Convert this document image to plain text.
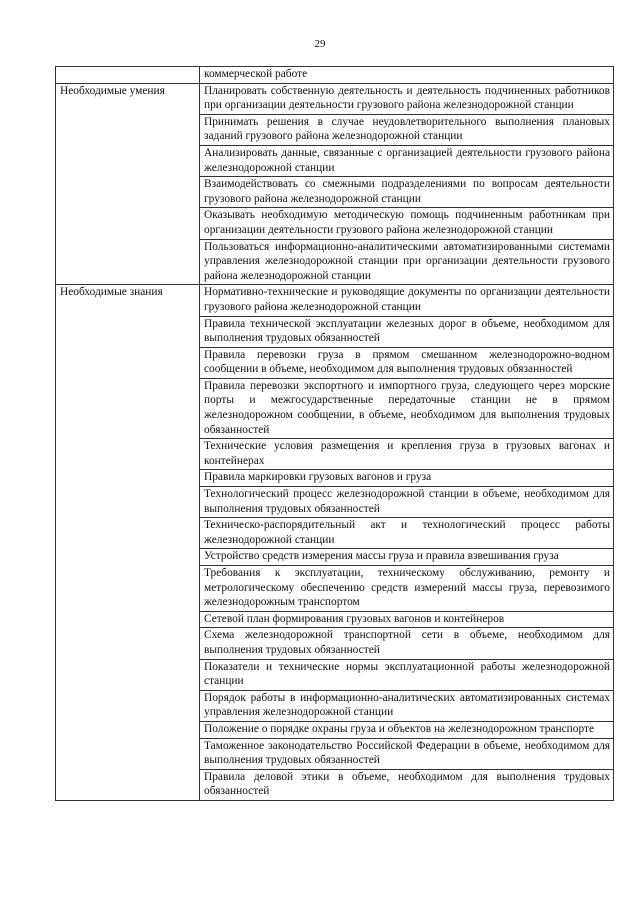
29
	коммерческой работе
Необходимые умения	Планировать собственную деятельность и деятельность подчиненных работников при организации деятельности грузового района железнодорожной станции
	Принимать решения в случае неудовлетворительного выполнения плановых заданий грузового района железнодорожной станции
	Анализировать данные, связанные с организацией деятельности грузового района железнодорожной станции
	Взаимодействовать со смежными подразделениями по вопросам деятельности грузового района железнодорожной станции
	Оказывать необходимую методическую помощь подчиненным работникам при организации деятельности грузового района железнодорожной станции
	Пользоваться информационно-аналитическими автоматизированными системами управления железнодорожной станции при организации деятельности грузового района железнодорожной станции
Необходимые знания	Нормативно-технические и руководящие документы по организации деятельности грузового района железнодорожной станции
	Правила технической эксплуатации железных дорог в объеме, необходимом для выполнения трудовых обязанностей
	Правила перевозки груза в прямом смешанном железнодорожно-водном сообщении в объеме, необходимом для выполнения трудовых обязанностей
	Правила перевозки экспортного и импортного груза, следующего через морские порты и межгосударственные передаточные станции не в прямом железнодорожном сообщении, в объеме, необходимом для выполнения трудовых обязанностей
	Технические условия размещения и крепления груза в грузовых вагонах и контейнерах
	Правила маркировки грузовых вагонов и груза
	Технологический процесс железнодорожной станции в объеме, необходимом для выполнения трудовых обязанностей
	Техническо-распорядительный акт и технологический процесс работы железнодорожной станции
	Устройство средств измерения массы груза и правила взвешивания груза
	Требования к эксплуатации, техническому обслуживанию, ремонту и метрологическому обеспечению средств измерений массы груза, перевозимого железнодорожным транспортом
	Сетевой план формирования грузовых вагонов и контейнеров
	Схема железнодорожной транспортной сети в объеме, необходимом для выполнения трудовых обязанностей
	Показатели и технические нормы эксплуатационной работы железнодорожной станции
	Порядок работы в информационно-аналитических автоматизированных системах управления железнодорожной станции
	Положение о порядке охраны груза и объектов на железнодорожном транспорте
	Таможенное законодательство Российской Федерации в объеме, необходимом для выполнения трудовых обязанностей
	Правила деловой этики в объеме, необходимом для выполнения трудовых обязанностей
